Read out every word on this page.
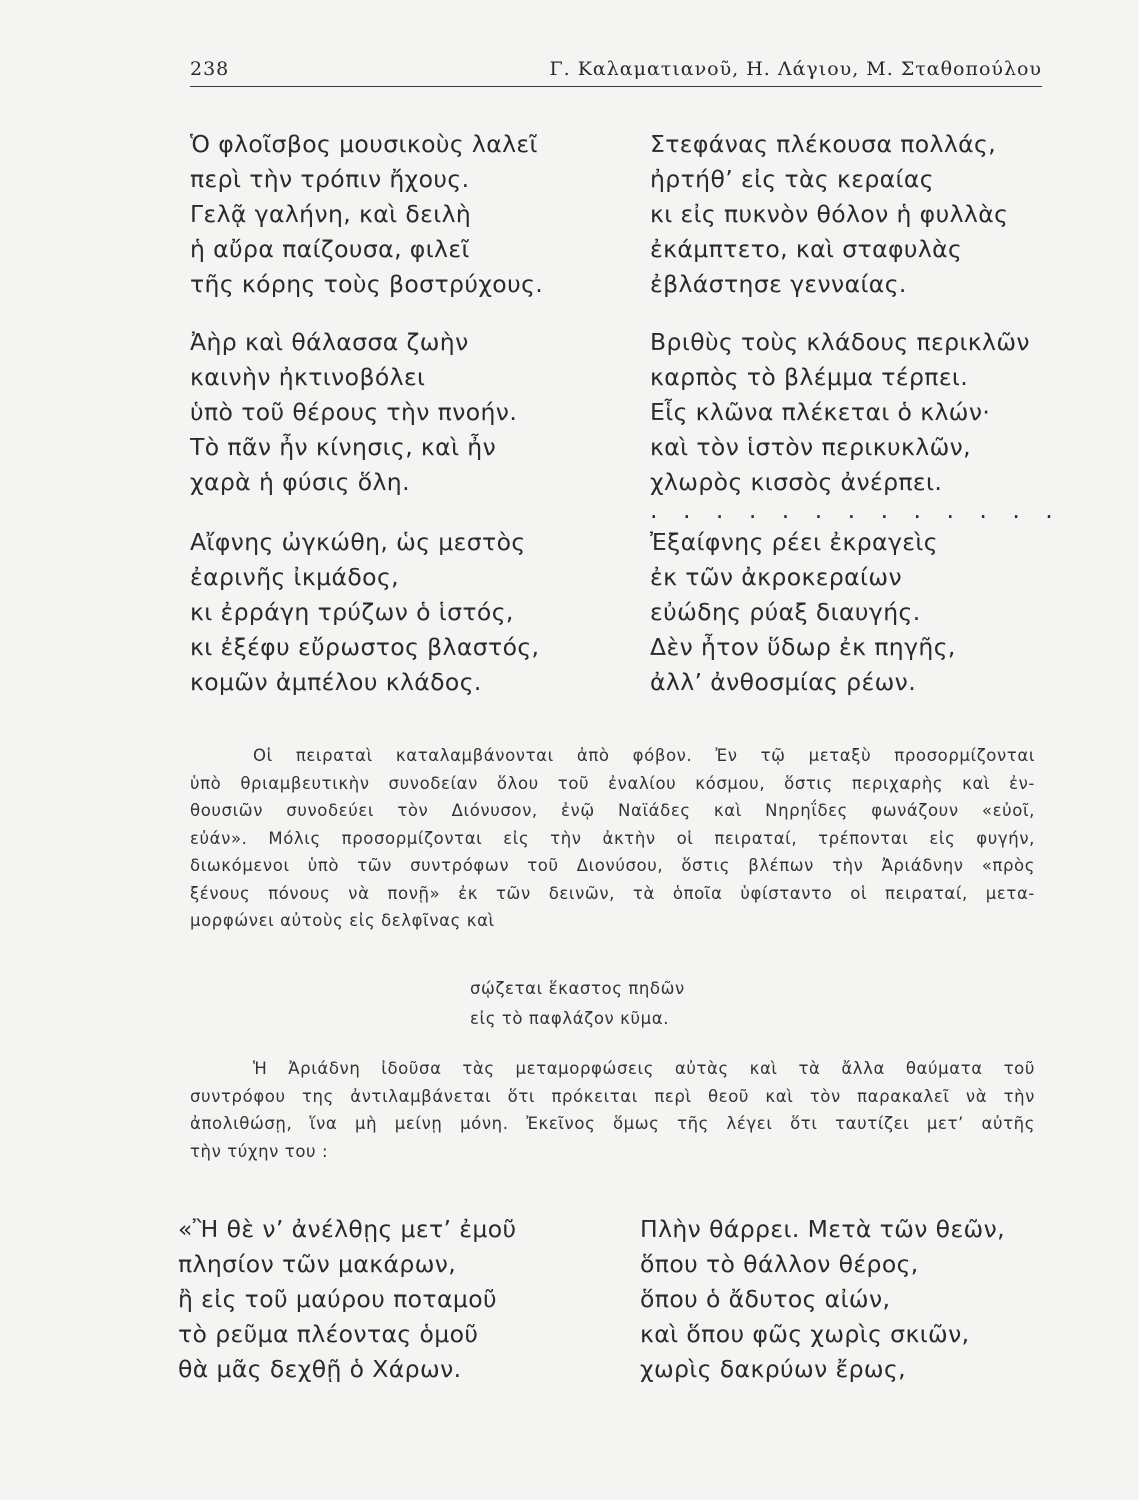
238	Γ. Καλαματιανοῦ, Η. Λάγιου, Μ. Σταθοπούλου
Ὁ φλοῖσβος μουσικοὺς λαλεῖ
περὶ τὴν τρόπιν ἤχους.
Γελᾷ γαλήνη, καὶ δειλὴ
ἡ αὔρα παίζουσα, φιλεῖ
τῆς κόρης τοὺς βοστρύχους.
Ἀὴρ καὶ θάλασσα ζωὴν
καινὴν ἠκτινοβόλει
ὑπὸ τοῦ θέρους τὴν πνοήν.
Τὸ πᾶν ἦν κίνησις, καὶ ἦν
χαρὰ ἡ φύσις ὅλη.
Αἴφνης ὠγκώθη, ὡς μεστὸς
ἐαρινῆς ἰκμάδος,
κι ἐρράγη τρύζων ὁ ἱστός,
κι ἐξέφυ εὔρωστος βλαστός,
κομῶν ἀμπέλου κλάδος.
Στεφάνας πλέκουσα πολλάς,
ἠρτήθ’ εἰς τὰς κεραίας
κι εἰς πυκνὸν θόλον ἡ φυλλὰς
ἐκάμπτετο, καὶ σταφυλὰς
ἐβλάστησε γενναίας.
Βριθὺς τοὺς κλάδους περικλῶν
καρπὸς τὸ βλέμμα τέρπει.
Εἷς κλῶνα πλέκεται ὁ κλών·
καὶ τὸν ἱστὸν περικυκλῶν,
χλωρὸς κισσὸς ἀνέρπει.
. . . . . . . . . . . . .
Ἐξαίφνης ρέει ἐκραγεὶς
ἐκ τῶν ἀκροκεραίων
εὐώδης ρύαξ διαυγής.
Δὲν ἦτον ὕδωρ ἐκ πηγῆς,
ἀλλ’ ἀνθοσμίας ρέων.
Οἱ πειραταὶ καταλαμβάνονται ἀπὸ φόβον. Ἐν τῷ μεταξὺ προσορμίζονται
ὑπὸ θριαμβευτικὴν συνοδείαν ὅλου τοῦ ἐναλίου κόσμου, ὅστις περιχαρὴς καὶ ἐν-
θουσιῶν συνοδεύει τὸν Διόνυσον, ἐνῷ Ναϊάδες καὶ Νηρηΐδες φωνάζουν «εὐοῖ,
εὐάν». Μόλις προσορμίζονται εἰς τὴν ἀκτὴν οἱ πειραταί, τρέπονται εἰς φυγήν,
διωκόμενοι ὑπὸ τῶν συντρόφων τοῦ Διονύσου, ὅστις βλέπων τὴν Ἀριάδνην «πρὸς
ξένους πόνους νὰ πονῇ» ἐκ τῶν δεινῶν, τὰ ὁποῖα ὑφίσταντο οἱ πειραταί, μετα-
μορφώνει αὐτοὺς εἰς δελφῖνας καὶ
σῴζεται ἕκαστος πηδῶν
εἰς τὸ παφλάζον κῦμα.
Ἡ Ἀριάδνη ἰδοῦσα τὰς μεταμορφώσεις αὐτὰς καὶ τὰ ἄλλα θαύματα τοῦ
συντρόφου της ἀντιλαμβάνεται ὅτι πρόκειται περὶ θεοῦ καὶ τὸν παρακαλεῖ νὰ τὴν
ἀπολιθώσῃ, ἵνα μὴ μείνῃ μόνη. Ἐκεῖνος ὅμως τῆς λέγει ὅτι ταυτίζει μετ’ αὐτῆς
τὴν τύχην του :
«Ἢ θὲ ν’ ἀνέλθῃς μετ’ ἐμοῦ
πλησίον τῶν μακάρων,
ἢ εἰς τοῦ μαύρου ποταμοῦ
τὸ ρεῦμα πλέοντας ὁμοῦ
θὰ μᾶς δεχθῇ ὁ Χάρων.
Πλὴν θάρρει. Μετὰ τῶν θεῶν,
ὅπου τὸ θάλλον θέρος,
ὅπου ὁ ἄδυτος αἰών,
καὶ ὅπου φῶς χωρὶς σκιῶν,
χωρὶς δακρύων ἔρως,
